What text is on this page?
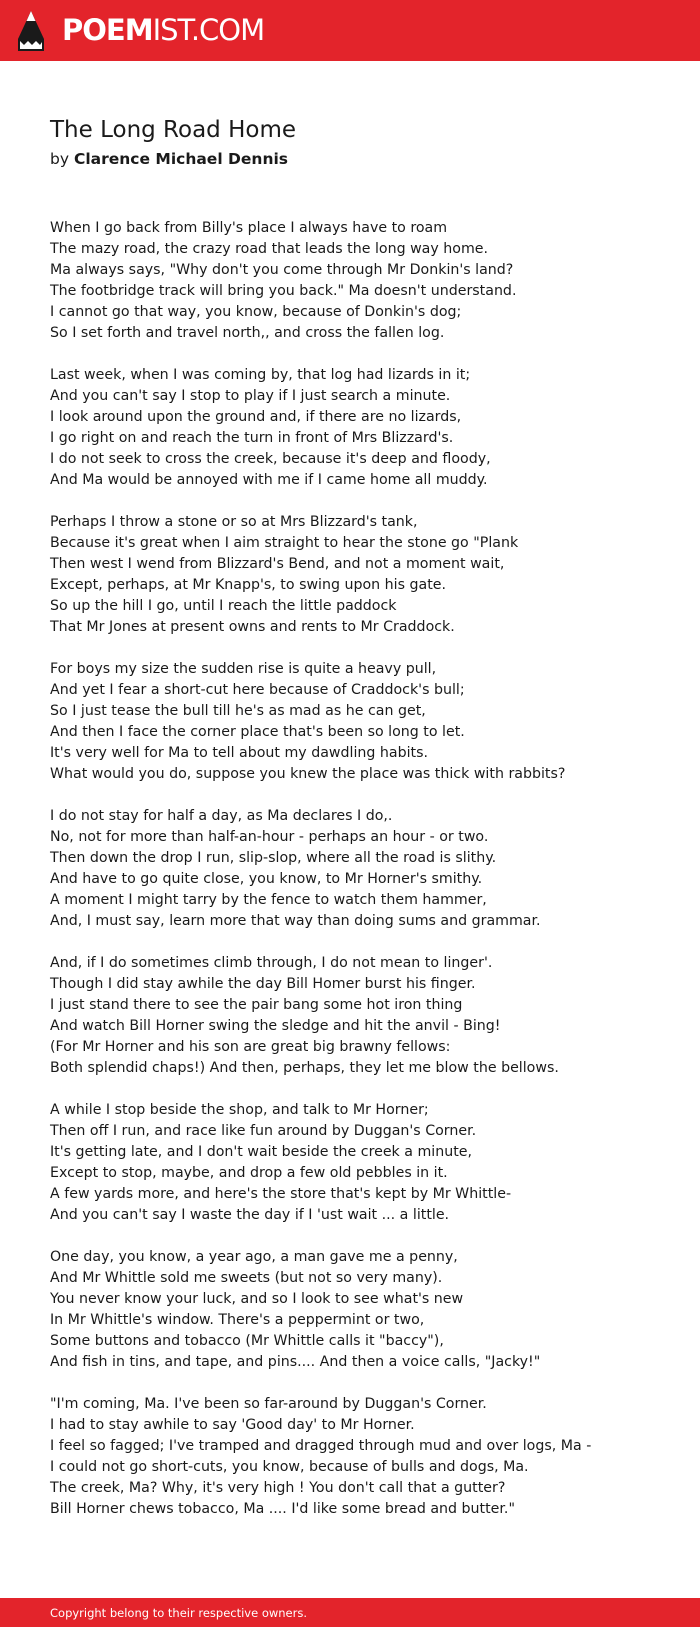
POEMIST.COM
The Long Road Home
by Clarence Michael Dennis
When I go back from Billy's place I always have to roam
The mazy road, the crazy road that leads the long way home.
Ma always says, "Why don't you come through Mr Donkin's land?
The footbridge track will bring you back." Ma doesn't understand.
I cannot go that way, you know, because of Donkin's dog;
So I set forth and travel north,, and cross the fallen log.
Last week, when I was coming by, that log had lizards in it;
And you can't say I stop to play if I just search a minute.
I look around upon the ground and, if there are no lizards,
I go right on and reach the turn in front of Mrs Blizzard's.
I do not seek to cross the creek, because it's deep and floody,
And Ma would be annoyed with me if I came home all muddy.
Perhaps I throw a stone or so at Mrs Blizzard's tank,
Because it's great when I aim straight to hear the stone go "Plank
Then west I wend from Blizzard's Bend, and not a moment wait,
Except, perhaps, at Mr Knapp's, to swing upon his gate.
So up the hill I go, until I reach the little paddock
That Mr Jones at present owns and rents to Mr Craddock.
For boys my size the sudden rise is quite a heavy pull,
And yet I fear a short-cut here because of Craddock's bull;
So I just tease the bull till he's as mad as he can get,
And then I face the corner place that's been so long to let.
It's very well for Ma to tell about my dawdling habits.
What would you do, suppose you knew the place was thick with rabbits?
I do not stay for half a day, as Ma declares I do,.
No, not for more than half-an-hour - perhaps an hour - or two.
Then down the drop I run, slip-slop, where all the road is slithy.
And have to go quite close, you know, to Mr Horner's smithy.
A moment I might tarry by the fence to watch them hammer,
And, I must say, learn more that way than doing sums and grammar.
And, if I do sometimes climb through, I do not mean to linger'.
Though I did stay awhile the day Bill Homer burst his finger.
I just stand there to see the pair bang some hot iron thing
And watch Bill Horner swing the sledge and hit the anvil - Bing!
(For Mr Horner and his son are great big brawny fellows:
Both splendid chaps!) And then, perhaps, they let me blow the bellows.
A while I stop beside the shop, and talk to Mr Horner;
Then off I run, and race like fun around by Duggan's Corner.
It's getting late, and I don't wait beside the creek a minute,
Except to stop, maybe, and drop a few old pebbles in it.
A few yards more, and here's the store that's kept by Mr Whittle-
And you can't say I waste the day if I 'ust wait ... a little.
One day, you know, a year ago, a man gave me a penny,
And Mr Whittle sold me sweets (but not so very many).
You never know your luck, and so I look to see what's new
In Mr Whittle's window. There's a peppermint or two,
Some buttons and tobacco (Mr Whittle calls it "baccy"),
And fish in tins, and tape, and pins.... And then a voice calls, "Jacky!"
"I'm coming, Ma. I've been so far-around by Duggan's Corner.
I had to stay awhile to say 'Good day' to Mr Horner.
I feel so fagged; I've tramped and dragged through mud and over logs, Ma -
I could not go short-cuts, you know, because of bulls and dogs, Ma.
The creek, Ma? Why, it's very high ! You don't call that a gutter?
Bill Horner chews tobacco, Ma .... I'd like some bread and butter."
Copyright belong to their respective owners.
